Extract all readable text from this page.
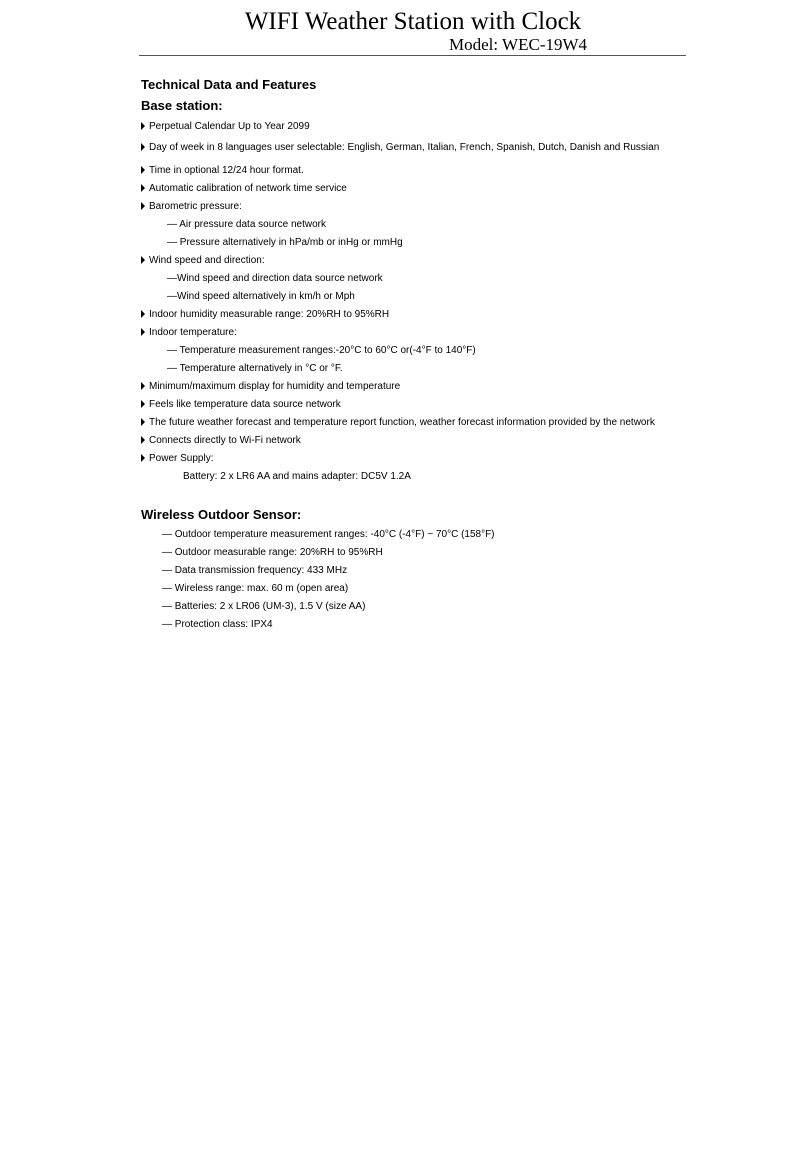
WIFI Weather Station with Clock
Model: WEC-19W4
Technical Data and Features
Base station:
Perpetual Calendar Up to Year 2099
Day of week in 8 languages user selectable: English, German, Italian, French, Spanish, Dutch, Danish and Russian
Time in optional 12/24 hour format.
Automatic calibration of network time service
Barometric pressure:
— Air pressure data source network
— Pressure alternatively in hPa/mb or inHg or mmHg
Wind speed and direction:
—Wind speed and direction data source network
—Wind speed alternatively in km/h or Mph
Indoor humidity measurable range: 20%RH to 95%RH
Indoor temperature:
— Temperature measurement ranges:-20°C to 60°C or(-4°F to 140°F)
— Temperature alternatively in °C or °F.
Minimum/maximum display for humidity and temperature
Feels like temperature data source network
The future weather forecast and temperature report function, weather forecast information provided by the network
Connects directly to Wi-Fi network
Power Supply:
Battery: 2 x LR6 AA and mains adapter: DC5V 1.2A
Wireless Outdoor Sensor:
— Outdoor temperature measurement ranges: -40°C (-4°F) ~ 70°C (158°F)
— Outdoor measurable range: 20%RH to 95%RH
— Data transmission frequency: 433 MHz
— Wireless range: max. 60 m (open area)
— Batteries: 2 x LR06 (UM-3), 1.5 V (size AA)
— Protection class: IPX4
